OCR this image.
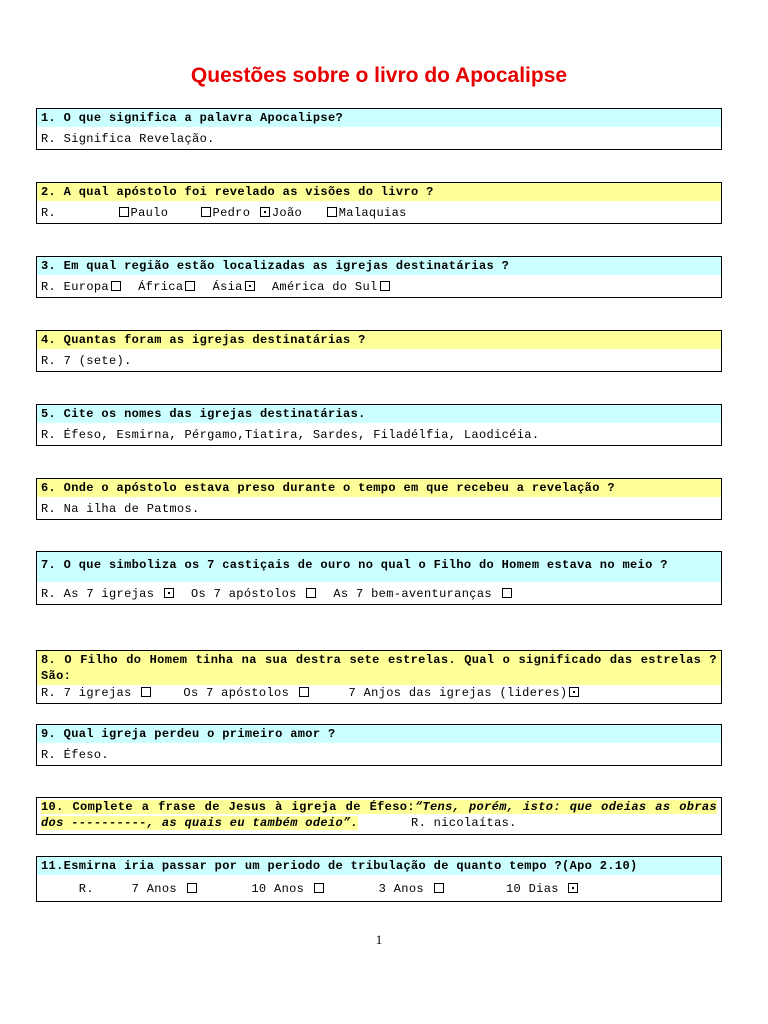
Questões sobre o livro do Apocalipse
1. O que significa a palavra Apocalipse?
R. Significa Revelação.
2. A qual apóstolo foi revelado as visões do livro ?
R.	Paulo	Pedro João	Malaquias
3. Em qual região estão localizadas as igrejas destinatárias ?
R. Europa África Ásia América do Sul
4. Quantas foram as igrejas destinatárias ?
R. 7 (sete).
5. Cite os nomes das igrejas destinatárias.
R. Éfeso, Esmirna, Pérgamo,Tiatira, Sardes, Filadélfia, Laodicéia.
6. Onde o apóstolo estava preso durante o tempo em que recebeu a revelação ?
R. Na ilha de Patmos.
7. O que simboliza os 7 castiçais de ouro no qual o Filho do Homem estava no meio ?
R. As 7 igrejas	Os 7 apóstolos	As 7 bem-aventuranças
8. O Filho do Homem tinha na sua destra sete estrelas. Qual o significado das estrelas ? São:
R. 7 igrejas	Os 7 apóstolos	7 Anjos das igrejas (lideres)
9. Qual igreja perdeu o primeiro amor ?
R. Éfeso.
10. Complete a frase de Jesus à igreja de Éfeso:“Tens, porém, isto: que odeias as obras dos ----------, as quais eu também odeio”.	R. nicolaítas.
11.Esmirna iria passar por um periodo de tribulação de quanto tempo ?(Apo 2.10)
R.	7 Anos	10 Anos	3 Anos	10 Dias
1
